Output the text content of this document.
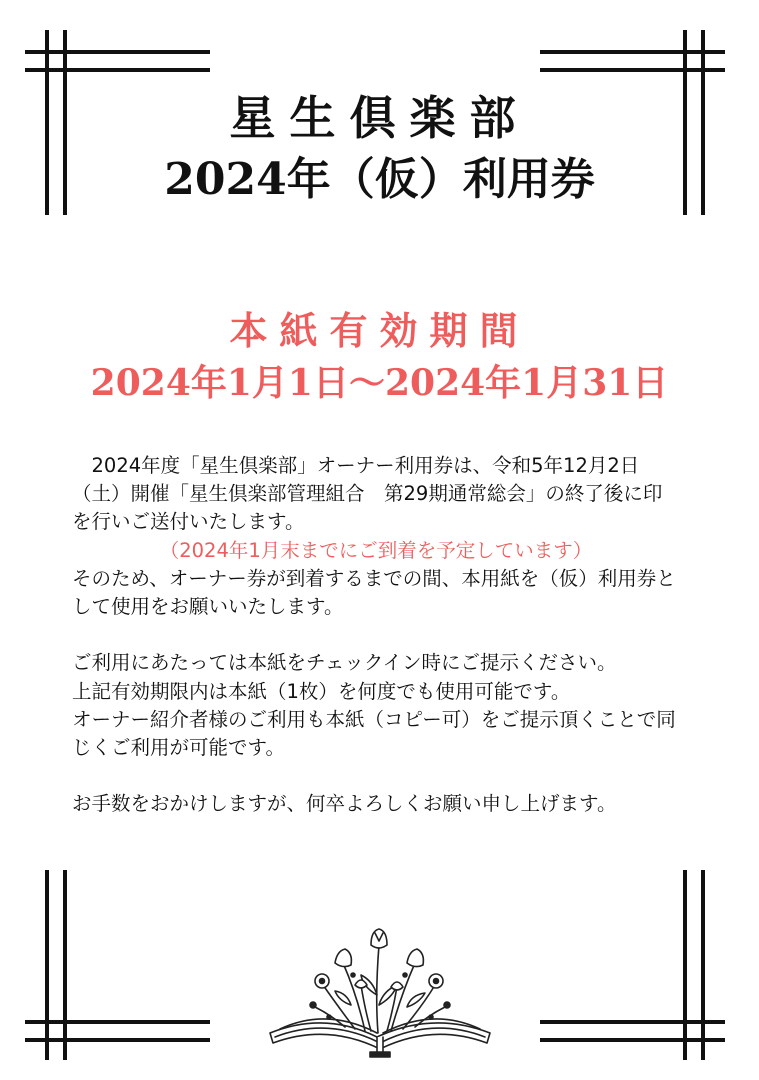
星生倶楽部
2024年（仮）利用券
本紙有効期間
2024年1月1日～2024年1月31日

　2024年度「星生倶楽部」オーナー利用券は、令和5年12月2日（土）開催「星生倶楽部管理組合　第29期通常総会」の終了後に印を行いご送付いたします。

（2024年1月末までにご到着を予定しています）

そのため、オーナー券が到着するまでの間、本用紙を（仮）利用券として使用をお願いいたします。

ご利用にあたっては本紙をチェックイン時にご提示ください。

上記有効期限内は本紙（1枚）を何度でも使用可能です。

オーナー紹介者様のご利用も本紙（コピー可）をご提示頂くことで同じくご利用が可能です。

お手数をおかけしますが、何卒よろしくお願い申し上げます。
